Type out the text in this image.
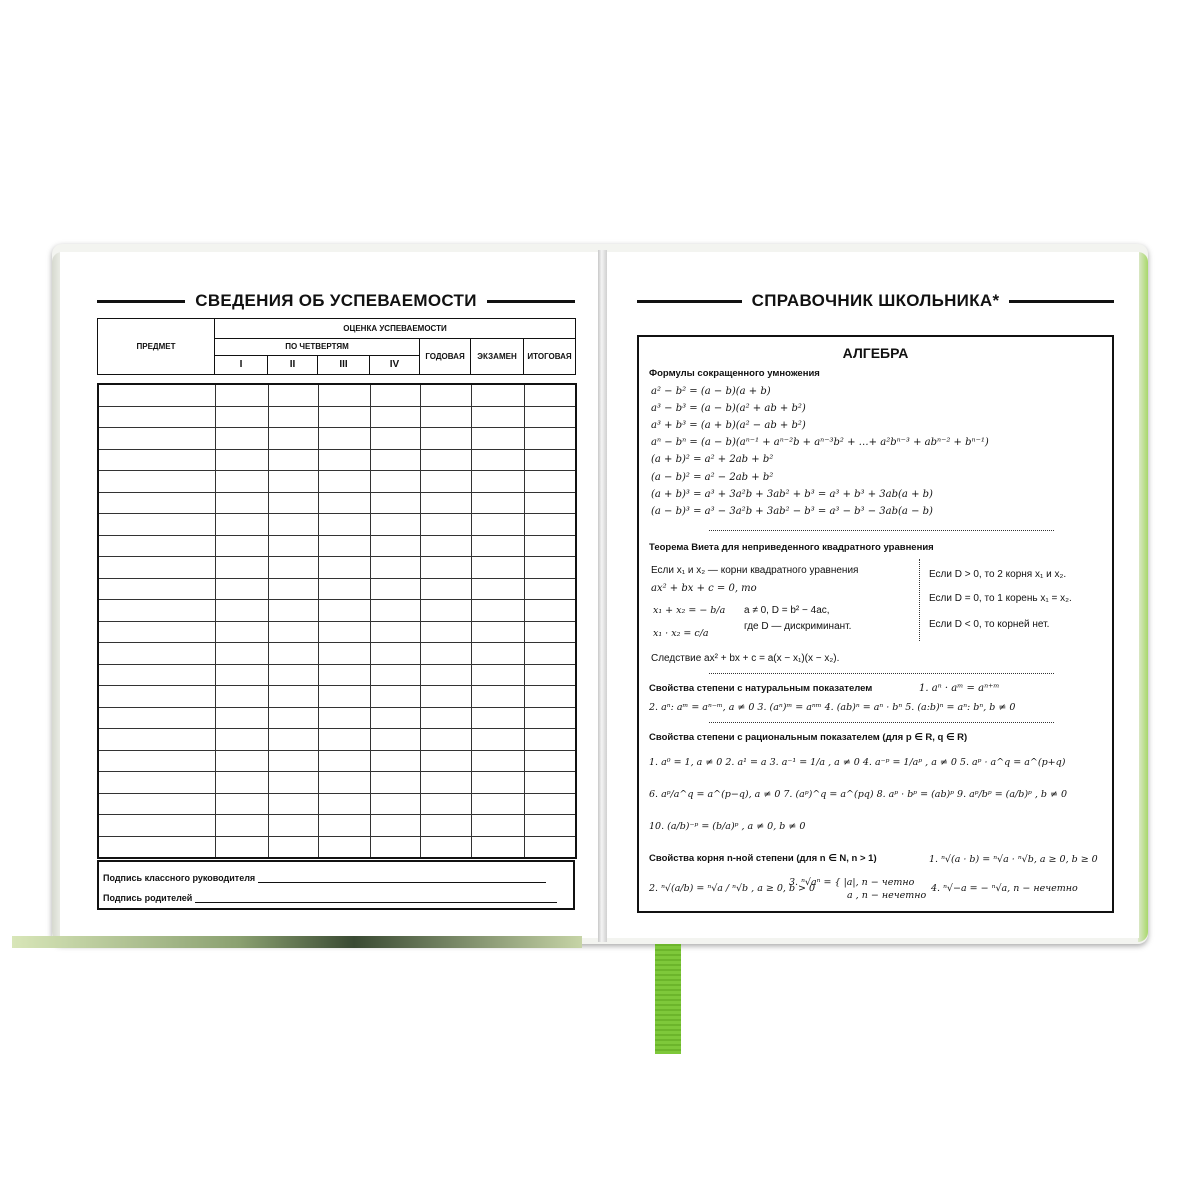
СВЕДЕНИЯ ОБ УСПЕВАЕМОСТИ
ПРЕДМЕТ	ОЦЕНКА УСПЕВАЕМОСТИ						
	ПО ЧЕТВЕРТЯМ				ГОДОВАЯ	ЭКЗАМЕН	ИТОГОВАЯ
	I	II	III	IV			

Подпись классного руководителя
Подпись родителей
СПРАВОЧНИК ШКОЛЬНИКА*
АЛГЕБРА
Формулы сокращенного умножения
a² − b² = (a − b)(a + b)
a³ − b³ = (a − b)(a² + ab + b²)
a³ + b³ = (a + b)(a² − ab + b²)
aⁿ − bⁿ = (a − b)(aⁿ⁻¹ + aⁿ⁻²b + aⁿ⁻³b² + …+ a²bⁿ⁻³ + abⁿ⁻² + bⁿ⁻¹)
(a + b)² = a² + 2ab + b²
(a − b)² = a² − 2ab + b²
(a + b)³ = a³ + 3a²b + 3ab² + b³ = a³ + b³ + 3ab(a + b)
(a − b)³ = a³ − 3a²b + 3ab² − b³ = a³ − b³ − 3ab(a − b)
Теорема Виета для неприведенного квадратного уравнения
Если x₁ и x₂ — корни квадратного уравнения
ax² + bx + c = 0, то
x₁ + x₂ = − b/a
x₁ · x₂ = c/a
a ≠ 0, D = b² − 4ac,
где D — дискриминант.
Если D > 0, то 2 корня x₁ и x₂.
Если D = 0, то 1 корень x₁ = x₂.
Если D < 0, то корней нет.
Следствие ax² + bx + c = a(x − x₁)(x − x₂).
Свойства степени с натуральным показателем	1. aⁿ · aᵐ = aⁿ⁺ᵐ
2. aⁿ: aᵐ = aⁿ⁻ᵐ, a ≠ 0 3. (aⁿ)ᵐ = aⁿᵐ 4. (ab)ⁿ = aⁿ · bⁿ 5. (a:b)ⁿ = aⁿ: bⁿ, b ≠ 0
Свойства степени с рациональным показателем (для p ∈ R, q ∈ R)
1. a⁰ = 1, a ≠ 0 2. a¹ = a 3. a⁻¹ = 1/a , a ≠ 0 4. a⁻ᵖ = 1/aᵖ , a ≠ 0 5. aᵖ · a^q = a^(p+q)
6. aᵖ/a^q = a^(p−q), a ≠ 0 7. (aᵖ)^q = a^(pq) 8. aᵖ · bᵖ = (ab)ᵖ 9. aᵖ/bᵖ = (a/b)ᵖ , b ≠ 0
10. (a/b)⁻ᵖ = (b/a)ᵖ , a ≠ 0, b ≠ 0
Свойства корня n-ной степени (для n ∈ N, n > 1)	1. ⁿ√(a · b) = ⁿ√a · ⁿ√b, a ≥ 0, b ≥ 0
2. ⁿ√(a/b) = ⁿ√a / ⁿ√b , a ≥ 0, b > 0
3. ⁿ√aⁿ = { |a|, n − четно
a , n − нечетно
4. ⁿ√−a = − ⁿ√a, n − нечетно
